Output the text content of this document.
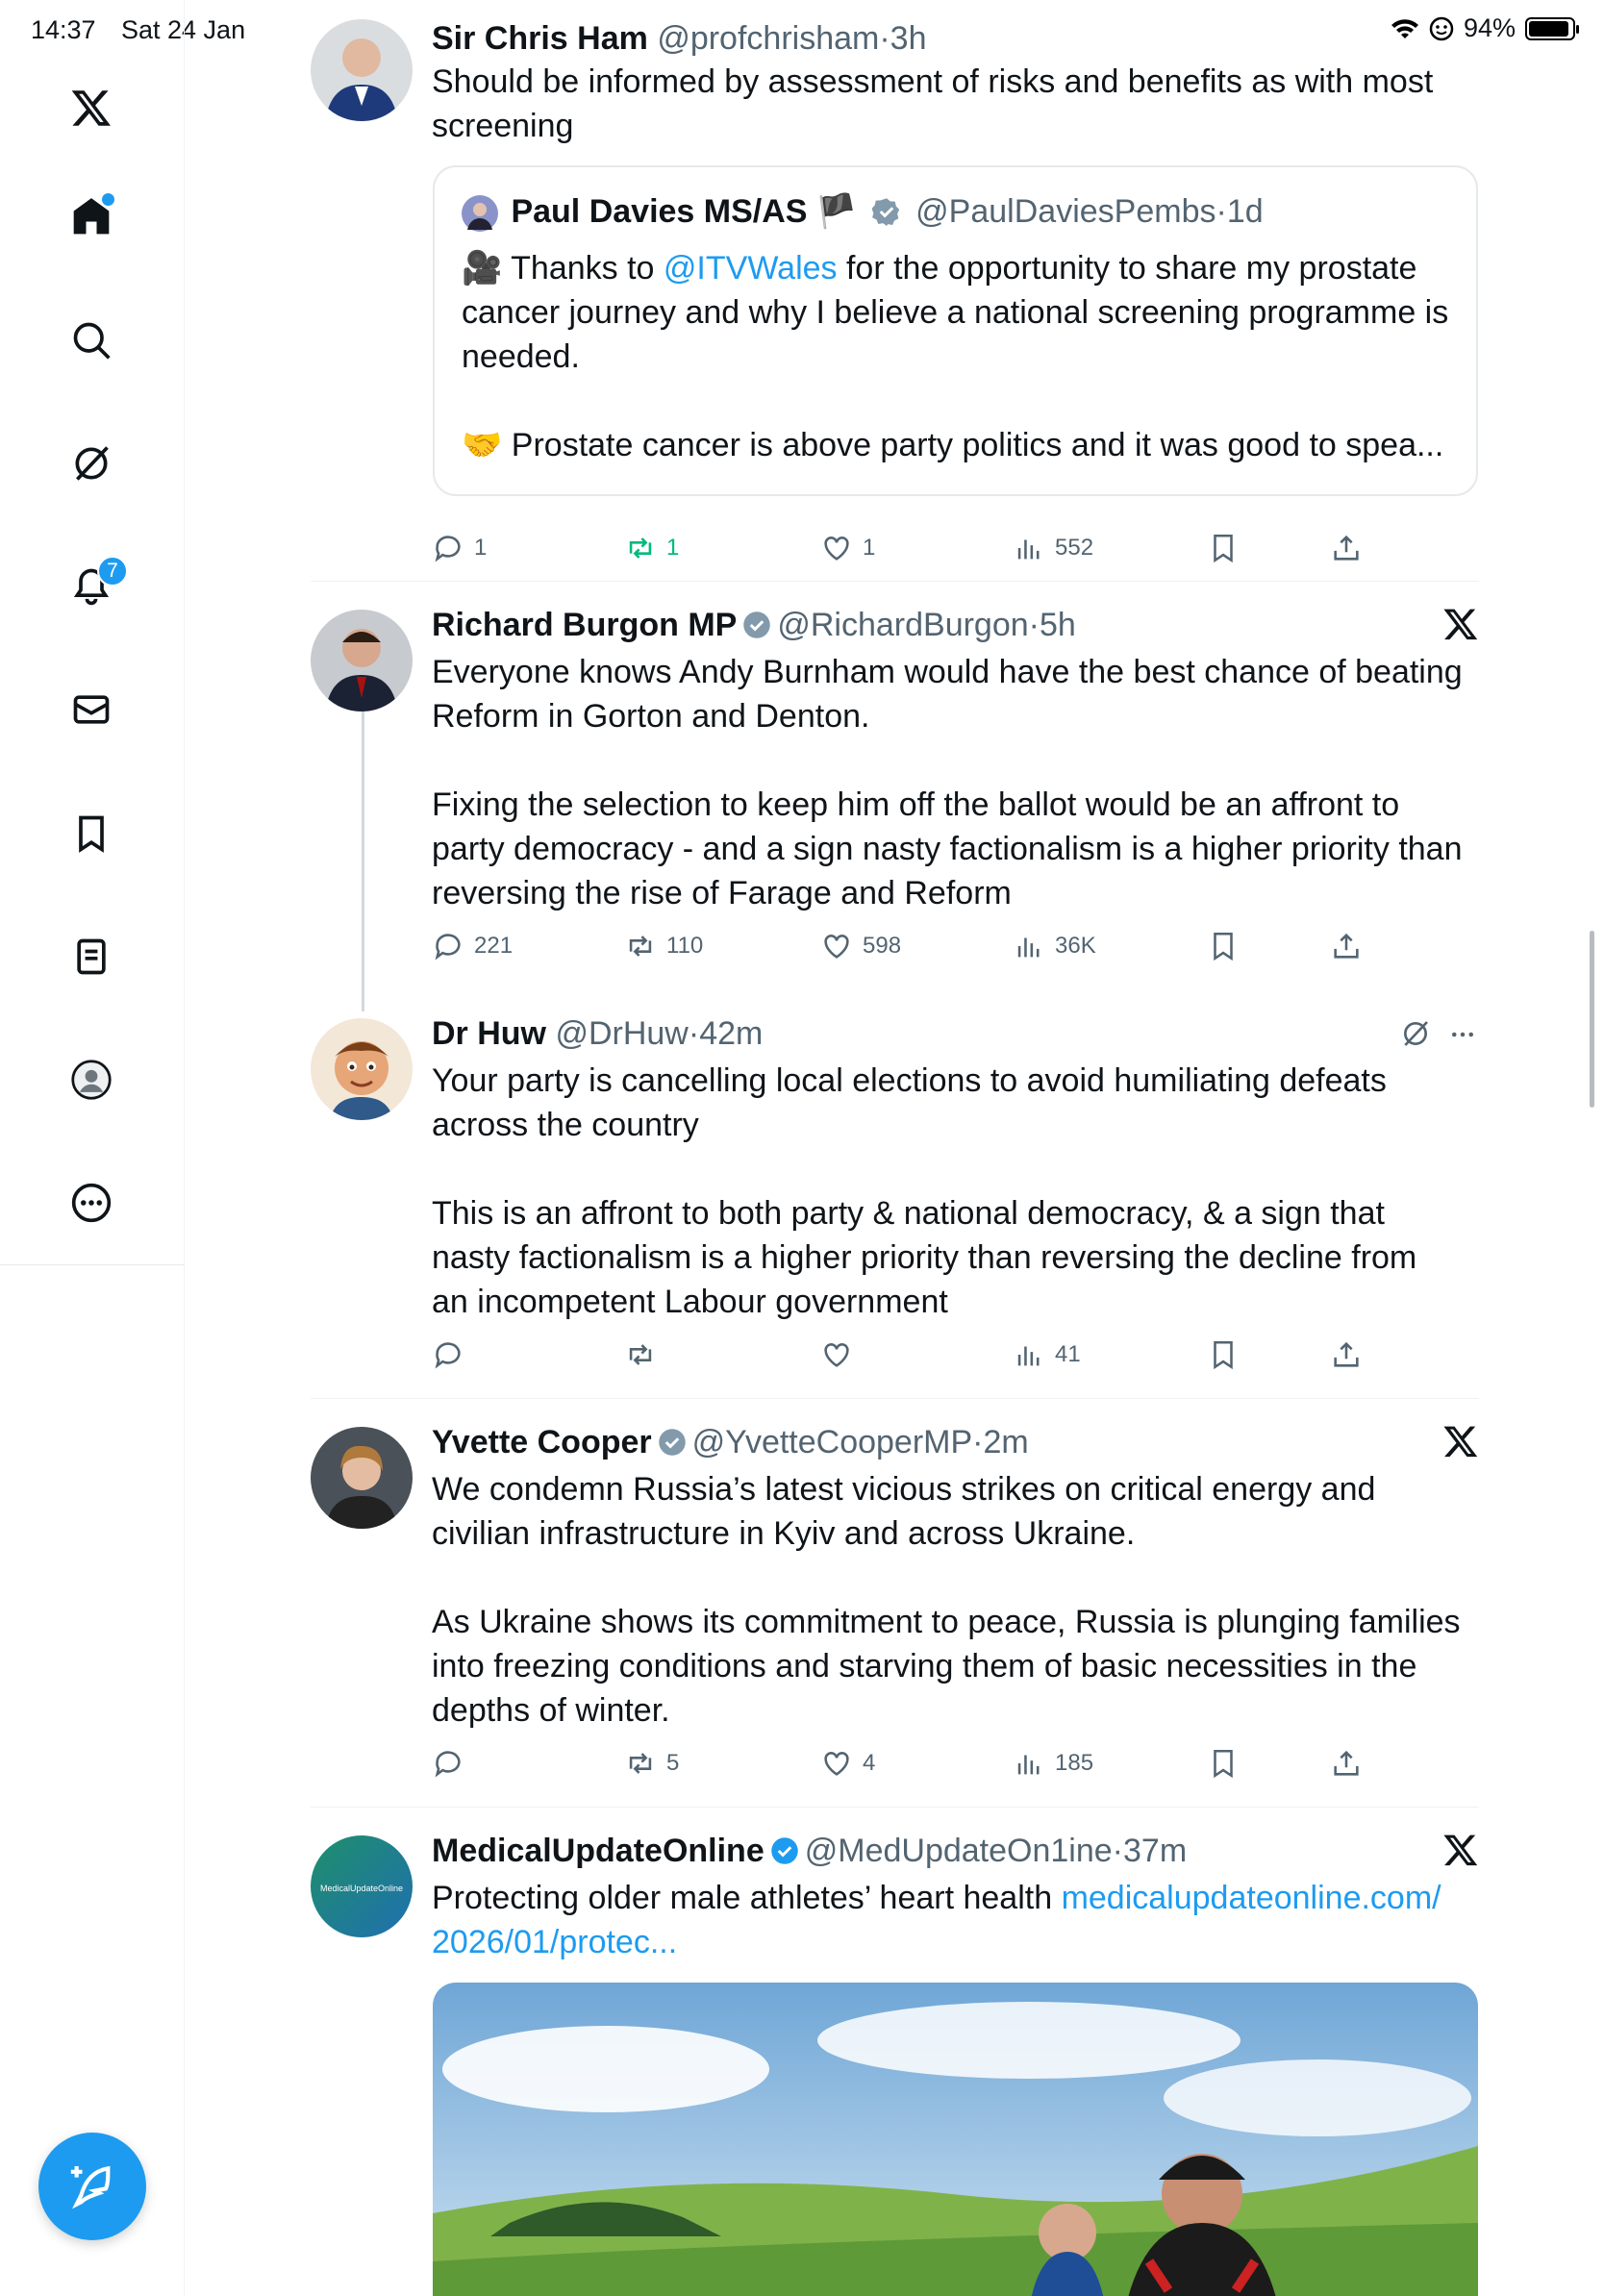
14:37 Sat 24 Jan	94%
7
Sir Chris Ham @profchrisham·3h
Should be informed by assessment of risks and benefits as with most
screening
1	1	1	552
Paul Davies MS/AS 🏴 @PaulDaviesPembs·1d
🎥 Thanks to @ITVWales for the opportunity to share my prostate
cancer journey and why I believe a national screening programme is
needed.

🤝 Prostate cancer is above party politics and it was good to spea...
Richard Burgon MP @RichardBurgon·5h
Everyone knows Andy Burnham would have the best chance of beating
Reform in Gorton and Denton.

Fixing the selection to keep him off the ballot would be an affront to
party democracy - and a sign nasty factionalism is a higher priority than
reversing the rise of Farage and Reform
221	110	598	36K
Dr Huw @DrHuw·42m
Your party is cancelling local elections to avoid humiliating defeats
across the country

This is an affront to both party & national democracy, & a sign that
nasty factionalism is a higher priority than reversing the decline from
an incompetent Labour government
41
Yvette Cooper @YvetteCooperMP·2m
We condemn Russia’s latest vicious strikes on critical energy and
civilian infrastructure in Kyiv and across Ukraine.

As Ukraine shows its commitment to peace, Russia is plunging families
into freezing conditions and starving them of basic necessities in the
depths of winter.
5	4	185
MedicalUpdateOnline
MedicalUpdateOnline @MedUpdateOn1ine·37m
Protecting older male athletes’ heart health medicalupdateonline.com/
2026/01/protec...
